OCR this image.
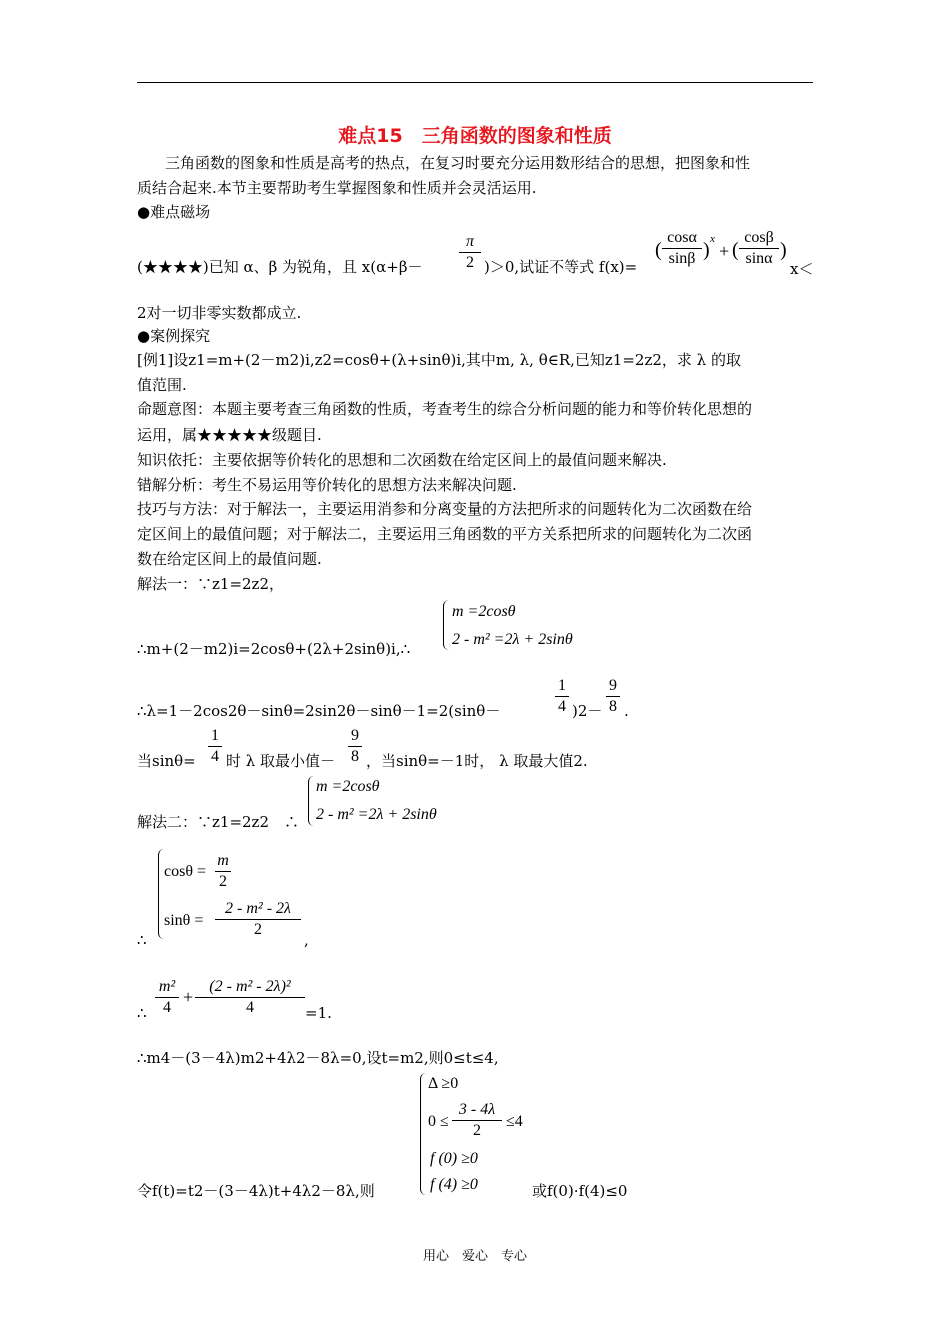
难点15　三角函数的图象和性质
三角函数的图象和性质是高考的热点，在复习时要充分运用数形结合的思想，把图象和性
质结合起来.本节主要帮助考生掌握图象和性质并会灵活运用.
●难点磁场
(★★★★)已知 α、β 为锐角，且 x(α+β－
π
2 )＞0,试证不等式 f(x)=
(
cosα
sinβ ) x
+ (
cosβ
sinα )
x＜
2对一切非零实数都成立.
●案例探究
[例1]设z1=m+(2－m2)i,z2=cosθ+(λ+sinθ)i,其中m, λ, θ∈R,已知z1=2z2，求 λ 的取
值范围.
命题意图：本题主要考查三角函数的性质，考查考生的综合分析问题的能力和等价转化思想的
运用，属★★★★★级题目.
知识依托：主要依据等价转化的思想和二次函数在给定区间上的最值问题来解决.
错解分析：考生不易运用等价转化的思想方法来解决问题.
技巧与方法：对于解法一，主要运用消参和分离变量的方法把所求的问题转化为二次函数在给
定区间上的最值问题；对于解法二，主要运用三角函数的平方关系把所求的问题转化为二次函
数在给定区间上的最值问题.
解法一：∵z1=2z2，
m =2cosθ
2 - m² =2λ + 2sinθ
∴m+(2－m2)i=2cosθ+(2λ+2sinθ)i,∴
∴λ=1－2cos2θ－sinθ=2sin2θ－sinθ－1=2(sinθ－
1
4 )2－
9
8 .
当sinθ=
1
4 时 λ 取最小值－
9
8 ，当sinθ=－1时， λ 取最大值2.
m =2cosθ
2 - m² =2λ + 2sinθ
解法二：∵z1=2z2　∴
cosθ =
m
2
sinθ =
2 - m² - 2λ
2
∴	,
m²
4
+
(2 - m² - 2λ)²
4
∴	=1.
∴m4－(3－4λ)m2+4λ2－8λ=0,设t=m2,则0≤t≤4,
Δ ≥0
0 ≤
3 - 4λ
2
≤4
f (0) ≥0
f (4) ≥0
令f(t)=t2－(3－4λ)t+4λ2－8λ,则	或f(0)·f(4)≤0
用心　爱心　专心
